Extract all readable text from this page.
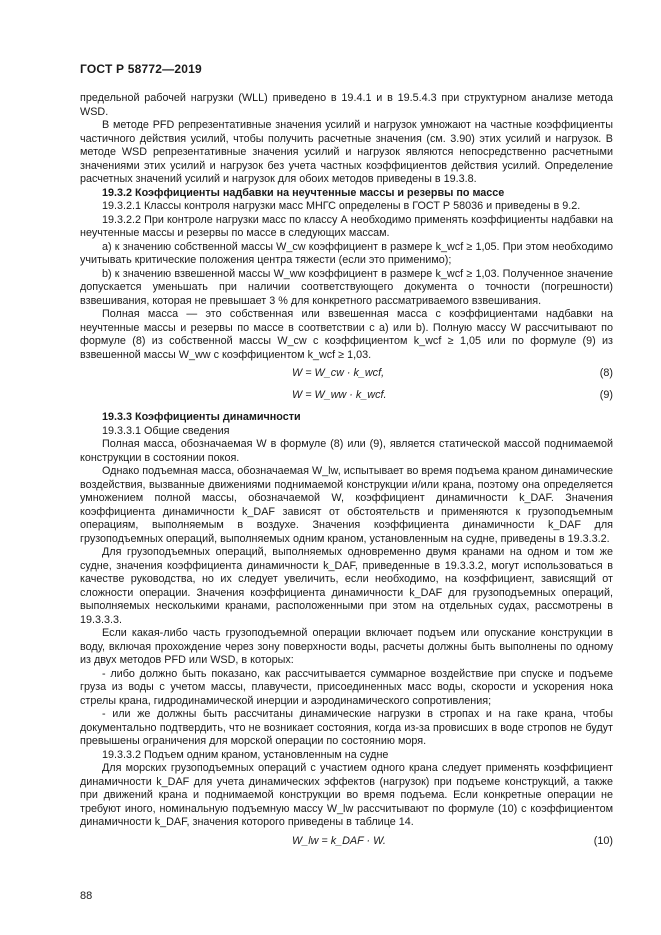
ГОСТ Р 58772—2019

предельной рабочей нагрузки (WLL) приведено в 19.4.1 и в 19.5.4.3 при структурном анализе метода WSD.

В методе PFD репрезентативные значения усилий и нагрузок умножают на частные коэффициенты частичного действия усилий, чтобы получить расчетные значения (см. 3.90) этих усилий и нагрузок. В методе WSD репрезентативные значения усилий и нагрузок являются непосредственно расчетными значениями этих усилий и нагрузок без учета частных коэффициентов действия усилий. Определение расчетных значений усилий и нагрузок для обоих методов приведены в 19.3.8.

19.3.2 Коэффициенты надбавки на неучтенные массы и резервы по массе

19.3.2.1 Классы контроля нагрузки масс МНГС определены в ГОСТ Р 58036 и приведены в 9.2.

19.3.2.2 При контроле нагрузки масс по классу А необходимо применять коэффициенты надбавки на неучтенные массы и резервы по массе в следующих массам.

а) к значению собственной массы W_cw коэффициент в размере k_wcf ≥ 1,05. При этом необходимо учитывать критические положения центра тяжести (если это применимо);

b) к значению взвешенной массы W_ww коэффициент в размере k_wcf ≥ 1,03. Полученное значение допускается уменьшать при наличии соответствующего документа о точности (погрешности) взвешивания, которая не превышает 3 % для конкретного рассматриваемого взвешивания.

Полная масса — это собственная или взвешенная масса с коэффициентами надбавки на неучтенные массы и резервы по массе в соответствии с а) или b). Полную массу W рассчитывают по формуле (8) из собственной массы W_cw с коэффициентом k_wcf ≥ 1,05 или по формуле (9) из взвешенной массы W_ww с коэффициентом k_wcf ≥ 1,03.

W = W_cw · k_wcf,	(8)
W = W_ww · k_wcf.	(9)

19.3.3 Коэффициенты динамичности

19.3.3.1 Общие сведения

Полная масса, обозначаемая W в формуле (8) или (9), является статической массой поднимаемой конструкции в состоянии покоя.

Однако подъемная масса, обозначаемая W_lw, испытывает во время подъема краном динамические воздействия, вызванные движениями поднимаемой конструкции и/или крана, поэтому она определяется умножением полной массы, обозначаемой W, коэффициент динамичности k_DAF. Значения коэффициента динамичности k_DAF зависят от обстоятельств и применяются к грузоподъемным операциям, выполняемым в воздухе. Значения коэффициента динамичности k_DAF для грузоподъемных операций, выполняемых одним краном, установленным на судне, приведены в 19.3.3.2.

Для грузоподъемных операций, выполняемых одновременно двумя кранами на одном и том же судне, значения коэффициента динамичности k_DAF, приведенные в 19.3.3.2, могут использоваться в качестве руководства, но их следует увеличить, если необходимо, на коэффициент, зависящий от сложности операции. Значения коэффициента динамичности k_DAF для грузоподъемных операций, выполняемых несколькими кранами, расположенными при этом на отдельных судах, рассмотрены в 19.3.3.3.

Если какая-либо часть грузоподъемной операции включает подъем или опускание конструкции в воду, включая прохождение через зону поверхности воды, расчеты должны быть выполнены по одному из двух методов PFD или WSD, в которых:

- либо должно быть показано, как рассчитывается суммарное воздействие при спуске и подъеме груза из воды с учетом массы, плавучести, присоединенных масс воды, скорости и ускорения нока стрелы крана, гидродинамической инерции и аэродинамического сопротивления;

- или же должны быть рассчитаны динамические нагрузки в стропах и на гаке крана, чтобы документально подтвердить, что не возникает состояния, когда из-за провисших в воде стропов не будут превышены ограничения для морской операции по состоянию моря.

19.3.3.2 Подъем одним краном, установленным на судне

Для морских грузоподъемных операций с участием одного крана следует применять коэффициент динамичности k_DAF для учета динамических эффектов (нагрузок) при подъеме конструкций, а также при движений крана и поднимаемой конструкции во время подъема. Если конкретные операции не требуют иного, номинальную подъемную массу W_lw рассчитывают по формуле (10) с коэффициентом динамичности k_DAF, значения которого приведены в таблице 14.

W_lw = k_DAF · W.	(10)
88
